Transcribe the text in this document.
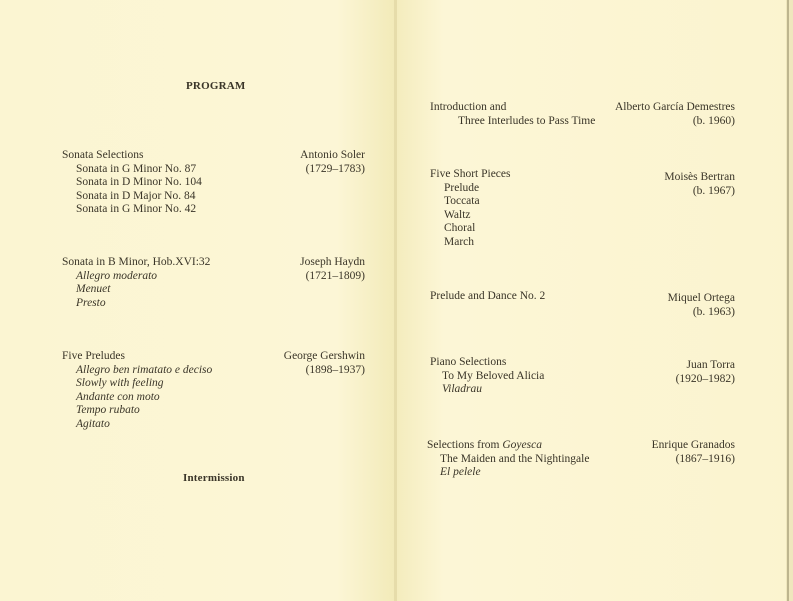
PROGRAM
Sonata Selections
Sonata in G Minor No. 87
Sonata in D Minor No. 104
Sonata in D Major No. 84
Sonata in G Minor No. 42
Antonio Soler
(1729–1783)
Sonata in B Minor, Hob.XVI:32
Allegro moderato
Menuet
Presto
Joseph Haydn
(1721–1809)
Five Preludes
Allegro ben rimatato e deciso
Slowly with feeling
Andante con moto
Tempo rubato
Agitato
George Gershwin
(1898–1937)
Intermission
Introduction and
Three Interludes to Pass Time
Alberto García Demestres
(b. 1960)
Five Short Pieces
Prelude
Toccata
Waltz
Choral
March
Moisès Bertran
(b. 1967)
Prelude and Dance No. 2	Miquel Ortega
(b. 1963)
Piano Selections
To My Beloved Alicia
Viladrau
Juan Torra
(1920–1982)
Selections from Goyesca
The Maiden and the Nightingale
El pelele
Enrique Granados
(1867–1916)
